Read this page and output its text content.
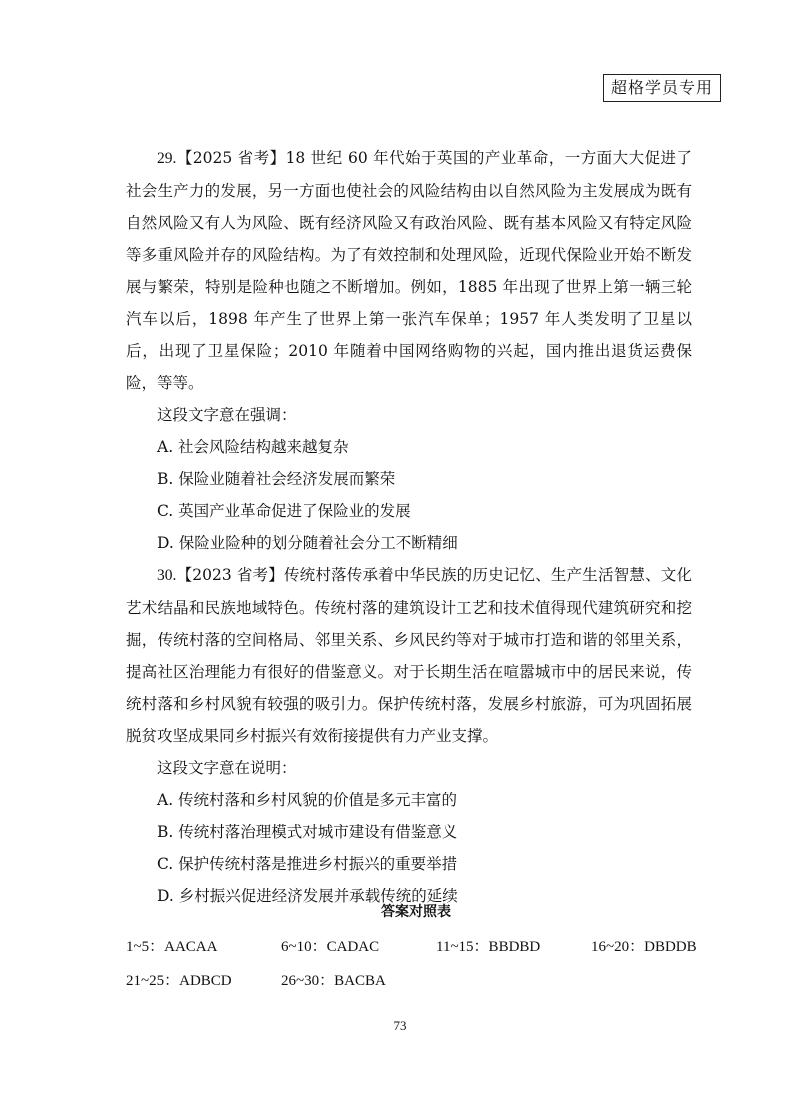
超格学员专用

29.【2025 省考】18 世纪 60 年代始于英国的产业革命，一方面大大促进了社会生产力的发展，另一方面也使社会的风险结构由以自然风险为主发展成为既有自然风险又有人为风险、既有经济风险又有政治风险、既有基本风险又有特定风险等多重风险并存的风险结构。为了有效控制和处理风险，近现代保险业开始不断发展与繁荣，特别是险种也随之不断增加。例如，1885 年出现了世界上第一辆三轮汽车以后，1898 年产生了世界上第一张汽车保单；1957 年人类发明了卫星以后，出现了卫星保险；2010 年随着中国网络购物的兴起，国内推出退货运费保险，等等。

这段文字意在强调：

A. 社会风险结构越来越复杂

B. 保险业随着社会经济发展而繁荣

C. 英国产业革命促进了保险业的发展

D. 保险业险种的划分随着社会分工不断精细

30.【2023 省考】传统村落传承着中华民族的历史记忆、生产生活智慧、文化艺术结晶和民族地域特色。传统村落的建筑设计工艺和技术值得现代建筑研究和挖掘，传统村落的空间格局、邻里关系、乡风民约等对于城市打造和谐的邻里关系，提高社区治理能力有很好的借鉴意义。对于长期生活在喧嚣城市中的居民来说，传统村落和乡村风貌有较强的吸引力。保护传统村落，发展乡村旅游，可为巩固拓展脱贫攻坚成果同乡村振兴有效衔接提供有力产业支撑。

这段文字意在说明：

A. 传统村落和乡村风貌的价值是多元丰富的

B. 传统村落治理模式对城市建设有借鉴意义

C. 保护传统村落是推进乡村振兴的重要举措

D. 乡村振兴促进经济发展并承载传统的延续

答案对照表
1~5：AACAA	6~10：CADAC	11~15：BBDBD	16~20：DBDDB
21~25：ADBCD	26~30：BACBA
73
